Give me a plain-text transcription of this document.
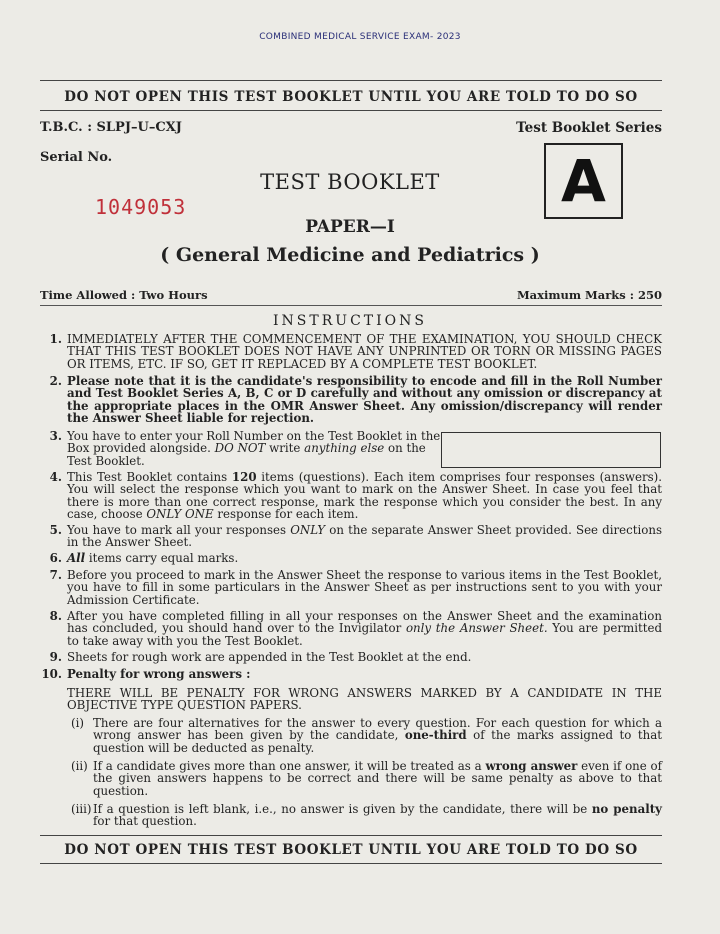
COMBINED MEDICAL SERVICE EXAM- 2023
DO NOT OPEN THIS TEST BOOKLET UNTIL YOU ARE TOLD TO DO SO
T.B.C. : SLPJ–U–CXJ	Test Booklet Series
Serial No.
1049053
TEST BOOKLET	A
PAPER—I
( General Medicine and Pediatrics )
Time Allowed : Two Hours	Maximum Marks : 250
INSTRUCTIONS
1. IMMEDIATELY AFTER THE COMMENCEMENT OF THE EXAMINATION, YOU SHOULD CHECK THAT THIS TEST BOOKLET DOES NOT HAVE ANY UNPRINTED OR TORN OR MISSING PAGES OR ITEMS, ETC. IF SO, GET IT REPLACED BY A COMPLETE TEST BOOKLET.
2. Please note that it is the candidate's responsibility to encode and fill in the Roll Number and Test Booklet Series A, B, C or D carefully and without any omission or discrepancy at the appropriate places in the OMR Answer Sheet. Any omission/discrepancy will render the Answer Sheet liable for rejection.
3. You have to enter your Roll Number on the Test Booklet in the Box provided alongside. DO NOT write anything else on the Test Booklet.
4. This Test Booklet contains 120 items (questions). Each item comprises four responses (answers). You will select the response which you want to mark on the Answer Sheet. In case you feel that there is more than one correct response, mark the response which you consider the best. In any case, choose ONLY ONE response for each item.
5. You have to mark all your responses ONLY on the separate Answer Sheet provided. See directions in the Answer Sheet.
6. All items carry equal marks.
7. Before you proceed to mark in the Answer Sheet the response to various items in the Test Booklet, you have to fill in some particulars in the Answer Sheet as per instructions sent to you with your Admission Certificate.
8. After you have completed filling in all your responses on the Answer Sheet and the examination has concluded, you should hand over to the Invigilator only the Answer Sheet. You are permitted to take away with you the Test Booklet.
9. Sheets for rough work are appended in the Test Booklet at the end.
10. Penalty for wrong answers :
THERE WILL BE PENALTY FOR WRONG ANSWERS MARKED BY A CANDIDATE IN THE OBJECTIVE TYPE QUESTION PAPERS.
(i) There are four alternatives for the answer to every question. For each question for which a wrong answer has been given by the candidate, one-third of the marks assigned to that question will be deducted as penalty.
(ii) If a candidate gives more than one answer, it will be treated as a wrong answer even if one of the given answers happens to be correct and there will be same penalty as above to that question.
(iii) If a question is left blank, i.e., no answer is given by the candidate, there will be no penalty for that question.
DO NOT OPEN THIS TEST BOOKLET UNTIL YOU ARE TOLD TO DO SO
